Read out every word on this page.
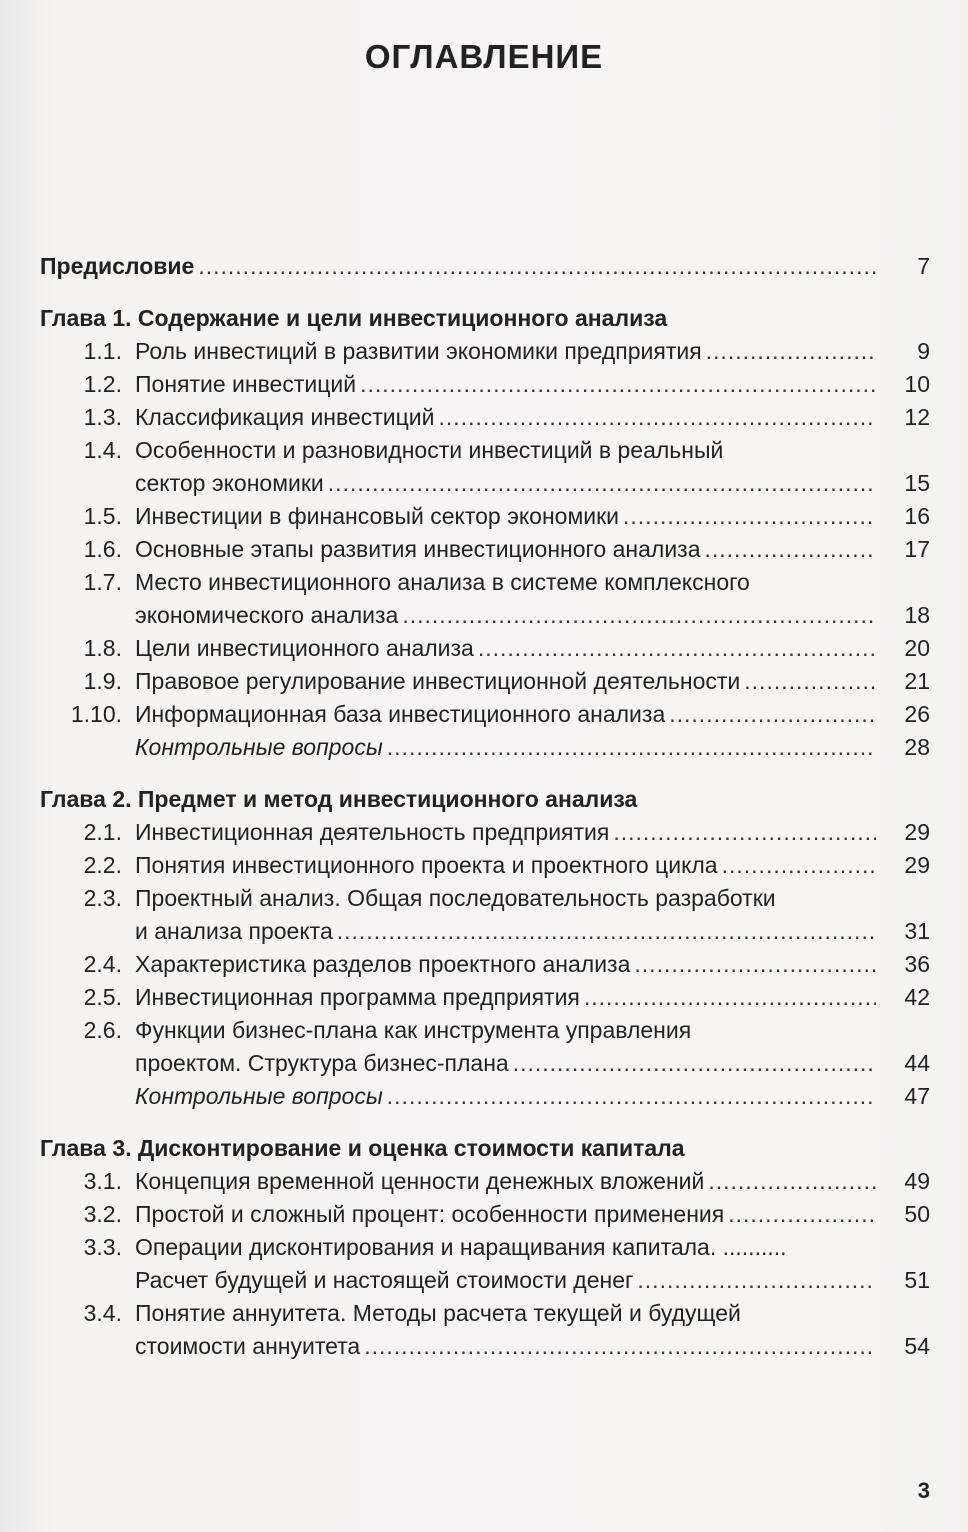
ОГЛАВЛЕНИЕ
Предисловие .....	7
Глава 1. Содержание и цели инвестиционного анализа
1.1. Роль инвестиций в развитии экономики предприятия .....	9
1.2. Понятие инвестиций .....	10
1.3. Классификация инвестиций .....	12
1.4. Особенности и разновидности инвестиций в реальный
сектор экономики .....	15
1.5. Инвестиции в финансовый сектор экономики .....	16
1.6. Основные этапы развития инвестиционного анализа .....	17
1.7. Место инвестиционного анализа в системе комплексного
экономического анализа .....	18
1.8. Цели инвестиционного анализа .....	20
1.9. Правовое регулирование инвестиционной деятельности .....	21
1.10. Информационная база инвестиционного анализа .....	26
Контрольные вопросы .....	28
Глава 2. Предмет и метод инвестиционного анализа
2.1. Инвестиционная деятельность предприятия .....	29
2.2. Понятия инвестиционного проекта и проектного цикла .....	29
2.3. Проектный анализ. Общая последовательность разработки
и анализа проекта .....	31
2.4. Характеристика разделов проектного анализа .....	36
2.5. Инвестиционная программа предприятия .....	42
2.6. Функции бизнес-плана как инструмента управления
проектом. Структура бизнес-плана .....	44
Контрольные вопросы .....	47
Глава 3. Дисконтирование и оценка стоимости капитала
3.1. Концепция временной ценности денежных вложений .....	49
3.2. Простой и сложный процент: особенности применения .....	50
3.3. Операции дисконтирования и наращивания капитала. ..........
Расчет будущей и настоящей стоимости денег .....	51
3.4. Понятие аннуитета. Методы расчета текущей и будущей
стоимости аннуитета .....	54
3
